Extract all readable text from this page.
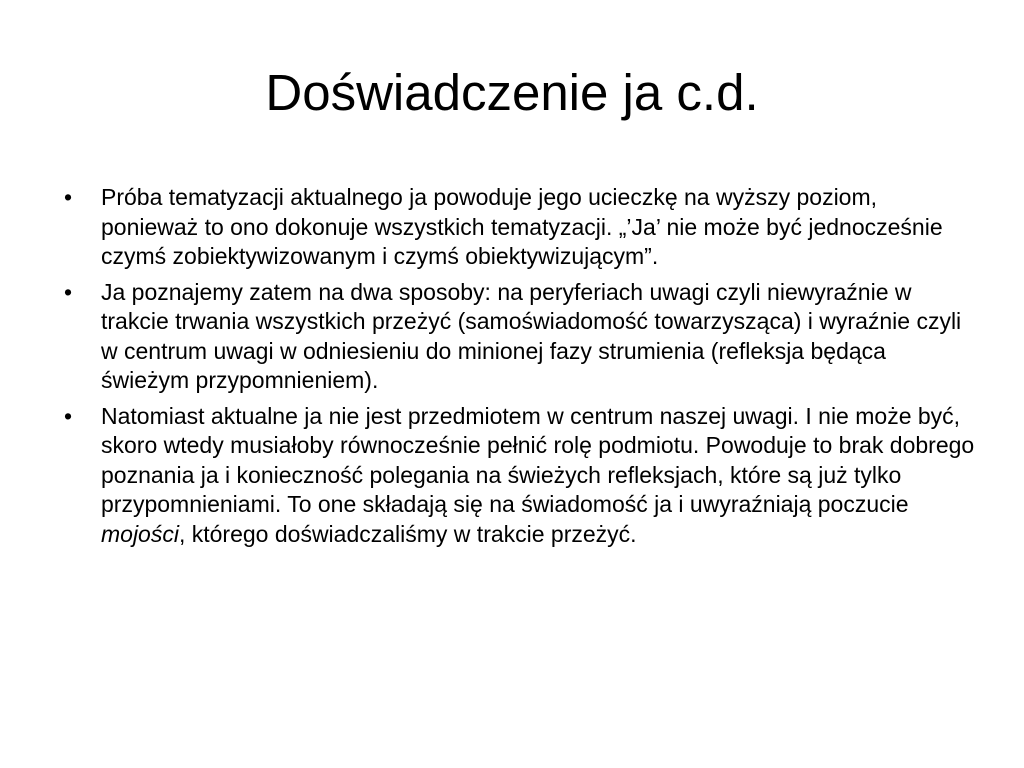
Doświadczenie ja c.d.
• Próba tematyzacji aktualnego ja powoduje jego ucieczkę na wyższy poziom, ponieważ to ono dokonuje wszystkich tematyzacji. „’Ja’ nie może być jednocześnie czymś zobiektywizowanym i czymś obiektywizującym”.
• Ja poznajemy zatem na dwa sposoby: na peryferiach uwagi czyli niewyraźnie w trakcie trwania wszystkich przeżyć (samoświadomość towarzysząca) i wyraźnie czyli w centrum uwagi w odniesieniu do minionej fazy strumienia (refleksja będąca świeżym przypomnieniem).
• Natomiast aktualne ja nie jest przedmiotem w centrum naszej uwagi. I nie może być, skoro wtedy musiałoby równocześnie pełnić rolę podmiotu. Powoduje to brak dobrego poznania ja i konieczność polegania na świeżych refleksjach, które są już tylko przypomnieniami. To one składają się na świadomość ja i uwyraźniają poczucie mojości, którego doświadczaliśmy w trakcie przeżyć.
